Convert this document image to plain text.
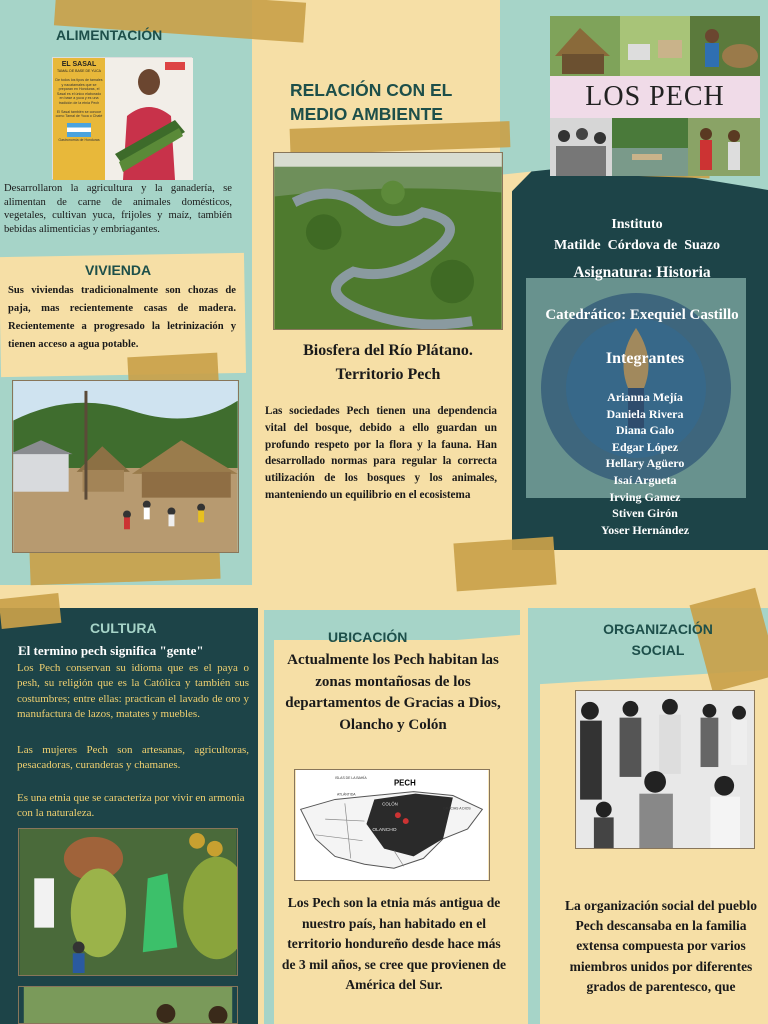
ALIMENTACIÓN
EL SASAL
TAMAL DE BASE DE YUCA
De todos los tipos de tamales y nacatamales que se preparan en Honduras, el Sasal es el único elaborado en base a yuca y es una tradición de la etnia Pech
El Sasal también se conoce como Tamal de Yuca o Chaté
Gastronomía de Honduras
Desarrollaron la agricultura y la ganadería, se alimentan de carne de animales domésticos, vegetales, cultivan yuca, frijoles y maíz, también bebidas alimenticias y embriagantes.
VIVIENDA
Sus viviendas tradicionalmente son chozas de paja, mas recientemente casas de madera. Recientemente a progresado la letrinización y tienen acceso a agua potable.
RELACIÓN CON EL MEDIO AMBIENTE
Biosfera del Río Plátano. Territorio Pech
Las sociedades Pech tienen una dependencia vital del bosque, debido a ello guardan un profundo respeto por la flora y la fauna. Han desarrollado normas para regular la correcta utilización de los bosques y los animales, manteniendo un equilibrio en el ecosistema
LOS PECH
Instituto
Matilde  Córdova de  Suazo
Asignatura: Historia
Catedrático: Exequiel Castillo
Integrantes
Arianna Mejía
Daniela Rivera
Diana Galo
Edgar López
Hellary Agüero
Isaí Argueta
Irving Gamez
Stiven Girón
Yoser Hernández
CULTURA
El termino pech significa "gente"
Los Pech conservan su idioma que es el paya o pesh, su religión que es la Católica y también sus costumbres; entre ellas: practican el lavado de oro y manufactura de lazos, matates y muebles.
Las mujeres Pech son artesanas, agricultoras, pesacadoras, curanderas y chamanes.
Es una etnia que se caracteriza por vivir en armonia con la naturaleza.
UBICACIÓN
Actualmente los Pech habitan las zonas montañosas de los departamentos de Gracias a Dios, Olancho y Colón
PECH
COLÓN
OLANCHO
GRACIAS A DIOS
ISLAS DE LA BAHÍA
ATLÁNTIDA
Los Pech son la etnia más antigua de nuestro país, han habitado en el territorio hondureño desde hace más de 3 mil años, se cree que provienen de América del Sur.
ORGANIZACIÓN SOCIAL
La organización social del pueblo Pech descansaba en la familia extensa compuesta por varios miembros unidos por diferentes grados de parentesco, que
